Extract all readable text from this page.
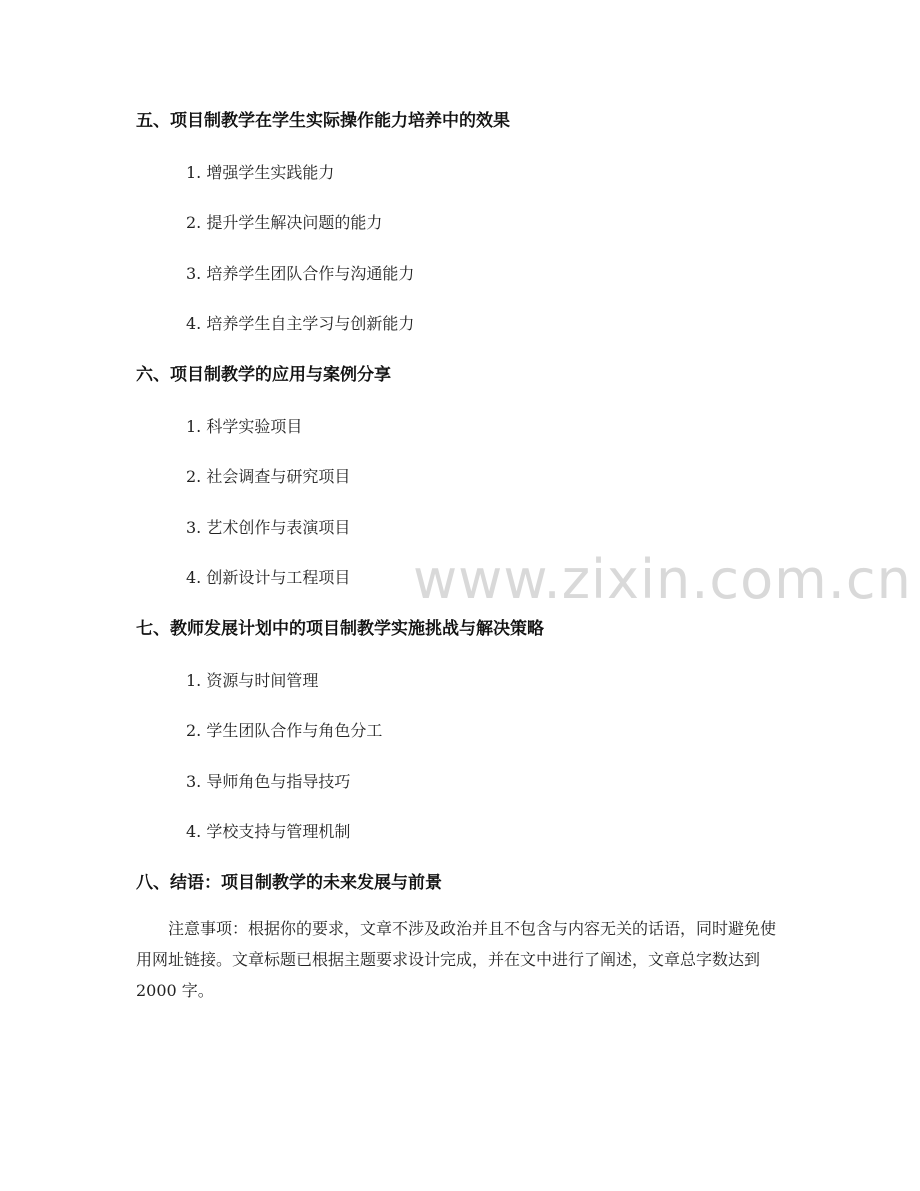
www.zixin.com.cn
五、项目制教学在学生实际操作能力培养中的效果
1. 增强学生实践能力
2. 提升学生解决问题的能力
3. 培养学生团队合作与沟通能力
4. 培养学生自主学习与创新能力
六、项目制教学的应用与案例分享
1. 科学实验项目
2. 社会调查与研究项目
3. 艺术创作与表演项目
4. 创新设计与工程项目
七、教师发展计划中的项目制教学实施挑战与解决策略
1. 资源与时间管理
2. 学生团队合作与角色分工
3. 导师角色与指导技巧
4. 学校支持与管理机制
八、结语：项目制教学的未来发展与前景
注意事项：根据你的要求，文章不涉及政治并且不包含与内容无关的话语，同时避免使用网址链接。文章标题已根据主题要求设计完成，并在文中进行了阐述，文章总字数达到 2000 字。
